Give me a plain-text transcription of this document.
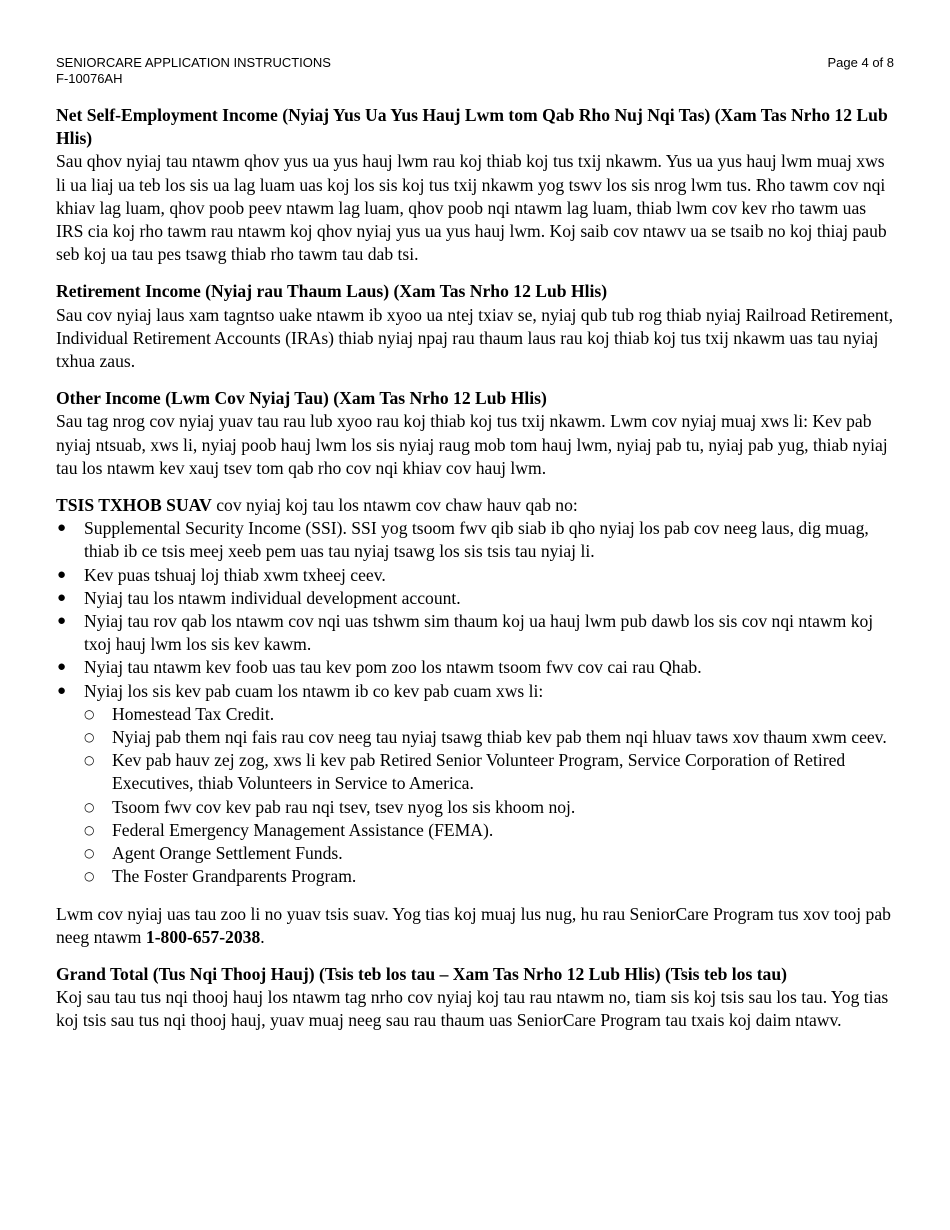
SENIORCARE APPLICATION INSTRUCTIONS
F-10076AH
Page 4 of 8

Net Self-Employment Income (Nyiaj Yus Ua Yus Hauj Lwm tom Qab Rho Nuj Nqi Tas) (Xam Tas Nrho 12 Lub Hlis)

Sau qhov nyiaj tau ntawm qhov yus ua yus hauj lwm rau koj thiab koj tus txij nkawm. Yus ua yus hauj lwm muaj xws li ua liaj ua teb los sis ua lag luam uas koj los sis koj tus txij nkawm yog tswv los sis nrog lwm tus. Rho tawm cov nqi khiav lag luam, qhov poob peev ntawm lag luam, qhov poob nqi ntawm lag luam, thiab lwm cov kev rho tawm uas IRS cia koj rho tawm rau ntawm koj qhov nyiaj yus ua yus hauj lwm. Koj saib cov ntawv ua se tsaib no koj thiaj paub seb koj ua tau pes tsawg thiab rho tawm tau dab tsi.

Retirement Income (Nyiaj rau Thaum Laus) (Xam Tas Nrho 12 Lub Hlis)

Sau cov nyiaj laus xam tagntso uake ntawm ib xyoo ua ntej txiav se, nyiaj qub tub rog thiab nyiaj Railroad Retirement, Individual Retirement Accounts (IRAs) thiab nyiaj npaj rau thaum laus rau koj thiab koj tus txij nkawm uas tau nyiaj txhua zaus.

Other Income (Lwm Cov Nyiaj Tau) (Xam Tas Nrho 12 Lub Hlis)

Sau tag nrog cov nyiaj yuav tau rau lub xyoo rau koj thiab koj tus txij nkawm. Lwm cov nyiaj muaj xws li: Kev pab nyiaj ntsuab, xws li, nyiaj poob hauj lwm los sis nyiaj raug mob tom hauj lwm, nyiaj pab tu, nyiaj pab yug, thiab nyiaj tau los ntawm kev xauj tsev tom qab rho cov nqi khiav cov hauj lwm.

TSIS TXHOB SUAV cov nyiaj koj tau los ntawm cov chaw hauv qab no:

● Supplemental Security Income (SSI). SSI yog tsoom fwv qib siab ib qho nyiaj los pab cov neeg laus, dig muag, thiab ib ce tsis meej xeeb pem uas tau nyiaj tsawg los sis tsis tau nyiaj li.
● Kev puas tshuaj loj thiab xwm txheej ceev.
● Nyiaj tau los ntawm individual development account.
● Nyiaj tau rov qab los ntawm cov nqi uas tshwm sim thaum koj ua hauj lwm pub dawb los sis cov nqi ntawm koj txoj hauj lwm los sis kev kawm.
● Nyiaj tau ntawm kev foob uas tau kev pom zoo los ntawm tsoom fwv cov cai rau Qhab.
● Nyiaj los sis kev pab cuam los ntawm ib co kev pab cuam xws li:
○ Homestead Tax Credit.
○ Nyiaj pab them nqi fais rau cov neeg tau nyiaj tsawg thiab kev pab them nqi hluav taws xov thaum xwm ceev.
○ Kev pab hauv zej zog, xws li kev pab Retired Senior Volunteer Program, Service Corporation of Retired Executives, thiab Volunteers in Service to America.
○ Tsoom fwv cov kev pab rau nqi tsev, tsev nyog los sis khoom noj.
○ Federal Emergency Management Assistance (FEMA).
○ Agent Orange Settlement Funds.
○ The Foster Grandparents Program.

Lwm cov nyiaj uas tau zoo li no yuav tsis suav. Yog tias koj muaj lus nug, hu rau SeniorCare Program tus xov tooj pab neeg ntawm 1-800-657-2038.

Grand Total (Tus Nqi Thooj Hauj) (Tsis teb los tau – Xam Tas Nrho 12 Lub Hlis) (Tsis teb los tau)

Koj sau tau tus nqi thooj hauj los ntawm tag nrho cov nyiaj koj tau rau ntawm no, tiam sis koj tsis sau los tau. Yog tias koj tsis sau tus nqi thooj hauj, yuav muaj neeg sau rau thaum uas SeniorCare Program tau txais koj daim ntawv.
